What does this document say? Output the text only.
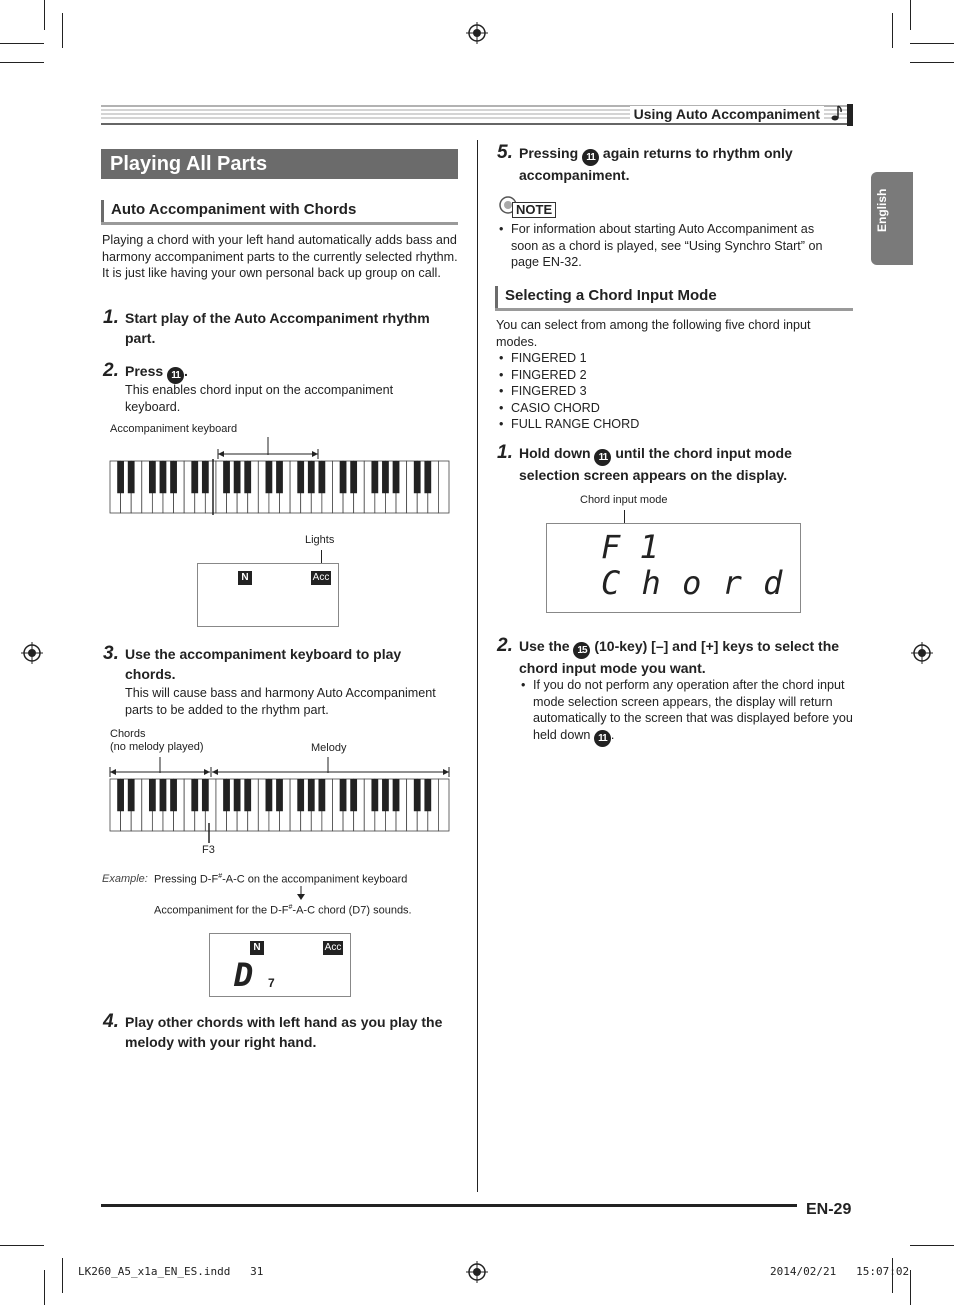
Using Auto Accompaniment
English
Playing All Parts
Auto Accompaniment with Chords
Playing a chord with your left hand automatically adds bass and harmony accompaniment parts to the currently selected rhythm. It is just like having your own personal back up group on call.
1. Start play of the Auto Accompaniment rhythm part.
2. Press 11 .
This enables chord input on the accompaniment keyboard.
Accompaniment keyboard
Lights
N	Acc
3. Use the accompaniment keyboard to play chords.
This will cause bass and harmony Auto Accompaniment parts to be added to the rhythm part.
Chords
(no melody played)	Melody
F3
Example: Pressing D-F#-A-C on the accompaniment keyboard
Accompaniment for the D-F#-A-C chord (D7) sounds.
N	Acc
D 7
4. Play other chords with left hand as you play the melody with your right hand.
5. Pressing 11 again returns to rhythm only accompaniment.
NOTE
• For information about starting Auto Accompaniment as soon as a chord is played, see “Using Synchro Start” on page EN-32.
Selecting a Chord Input Mode
You can select from among the following five chord input modes.
• FINGERED 1
• FINGERED 2
• FINGERED 3
• CASIO CHORD
• FULL RANGE CHORD
1. Hold down 11 until the chord input mode selection screen appears on the display.
Chord input mode
F 1
C h o r d
2. Use the 15 (10-key) [–] and [+] keys to select the chord input mode you want.
• If you do not perform any operation after the chord input mode selection screen appears, the display will return automatically to the screen that was displayed before you held down 11 .
EN-29
LK260_A5_x1a_EN_ES.indd   31	2014/02/21   15:07:02
